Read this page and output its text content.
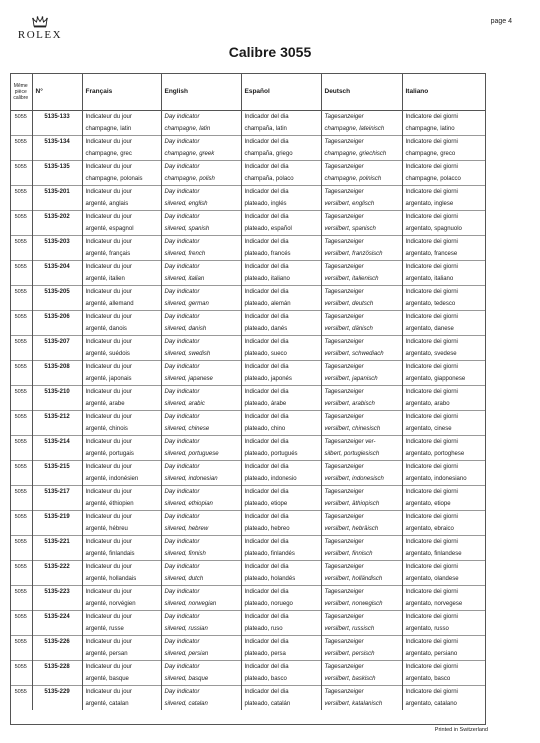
ROLEX
page 4
Calibre 3055
Même pièce calibre	N°	Français	English	Español	Deutsch	Italiano
5055	5135-133	Indicateur du jour	Day indicator	Indicador del dia	Tagesanzeiger	Indicatore dei giorni
		champagne, latin	champagne, latin	champaña, latin	champagne, lateinisch	champagne, latino
5055	5135-134	Indicateur du jour	Day indicator	Indicador del dia	Tagesanzeiger	Indicatore dei giorni
		champagne, grec	champagne, greek	champaña, griego	champagne, griechisch	champagne, greco
5055	5135-135	Indicateur du jour	Day indicator	Indicador del dia	Tagesanzeiger	Indicatore dei giorni
		champagne, polonais	champagne, polish	champaña, polaco	champagne, polnisch	champagne, polacco
5055	5135-201	Indicateur du jour	Day indicator	Indicador del dia	Tagesanzeiger	Indicatore dei giorni
		argenté, anglais	silvered, english	plateado, inglés	versilbert, englisch	argentato, inglese
5055	5135-202	Indicateur du jour	Day indicator	Indicador del dia	Tagesanzeiger	Indicatore dei giorni
		argenté, espagnol	silvered, spanish	plateado, español	versilbert, spanisch	argentato, spagnuolo
5055	5135-203	Indicateur du jour	Day indicator	Indicador del dia	Tagesanzeiger	Indicatore dei giorni
		argenté, français	silvered, french	plateado, francés	versilbert, französisch	argentato, francese
5055	5135-204	Indicateur du jour	Day indicator	Indicador del dia	Tagesanzeiger	Indicatore dei giorni
		argenté, italien	silvered, italian	plateado, italiano	versilbert, italienisch	argentato, italiano
5055	5135-205	Indicateur du jour	Day indicator	Indicador del dia	Tagesanzeiger	Indicatore dei giorni
		argenté, allemand	silvered, german	plateado, alemán	versilbert, deutsch	argentato, tedesco
5055	5135-206	Indicateur du jour	Day indicator	Indicador del dia	Tagesanzeiger	Indicatore dei giorni
		argenté, danois	silvered, danish	plateado, danés	versilbert, dänisch	argentato, danese
5055	5135-207	Indicateur du jour	Day indicator	Indicador del dia	Tagesanzeiger	Indicatore dei giorni
		argenté, suédois	silvered, swedish	plateado, sueco	versilbert, schwediach	argentato, svedese
5055	5135-208	Indicateur du jour	Day indicator	Indicador del dia	Tagesanzeiger	Indicatore dei giorni
		argenté, japonais	silvered, japanese	plateado, japonés	versilbert, japanisch	argentato, giapponese
5055	5135-210	Indicateur du jour	Day indicator	Indicador del dia	Tagesanzeiger	Indicatore dei giorni
		argenté, arabe	silvered, arabic	plateado, árabe	versilbert, arabisch	argentato, arabo
5055	5135-212	Indicateur du jour	Day indicator	Indicador del dia	Tagesanzeiger	Indicatore dei giorni
		argenté, chinois	silvered, chinese	plateado, chino	versilbert, chinesisch	argentato, cinese
5055	5135-214	Indicateur du jour	Day indicator	Indicador del dia	Tagesanzeiger ver-	Indicatore dei giorni
		argenté, portugais	silvered, portuguese	plateado, portugués	silbert, portugiesisch	argentato, portoghese
5055	5135-215	Indicateur du jour	Day indicator	Indicador del dia	Tagesanzeiger	Indicatore dei giorni
		argenté, indonésien	silvered, indonesian	plateado, indonesio	versilbert, indonesisch	argentato, indonesiano
5055	5135-217	Indicateur du jour	Day indicator	Indicador del dia	Tagesanzeiger	Indicatore dei giorni
		argenté, éthiopien	silvered, ethiopian	plateado, etiope	versilbert, äthiopisch	argentato, etiope
5055	5135-219	Indicateur du jour	Day indicator	Indicador del dia	Tagesanzeiger	Indicatore dei giorni
		argenté, hébreu	silvered, hebrew	plateado, hebreo	versilbert, hebräisch	argentato, ebraico
5055	5135-221	Indicateur du jour	Day indicator	Indicador del dia	Tagesanzeiger	Indicatore dei giorni
		argenté, finlandais	silvered, finnish	plateado, finlandés	versilbert, finnisch	argentato, finlandese
5055	5135-222	Indicateur du jour	Day indicator	Indicador del dia	Tagesanzeiger	Indicatore dei giorni
		argenté, hollandais	silvered, dutch	plateado, holandés	versilbert, holländisch	argentato, olandese
5055	5135-223	Indicateur du jour	Day indicator	Indicador del dia	Tagesanzeiger	Indicatore dei giorni
		argenté, norvégien	silvered, norwegian	plateado, noruego	versilbert, norwegisch	argentato, norvegese
5055	5135-224	Indicateur du jour	Day indicator	Indicador del dia	Tagesanzeiger	Indicatore dei giorni
		argenté, russe	silvered, russian	plateado, ruso	versilbert, russisch	argentato, russo
5055	5135-226	Indicateur du jour	Day indicator	Indicador del dia	Tagesanzeiger	Indicatore dei giorni
		argenté, persan	silvered, persian	plateado, persa	versilbert, persisch	argentato, persiano
5055	5135-228	Indicateur du jour	Day indicator	Indicador del dia	Tagesanzeiger	Indicatore dei giorni
		argenté, basque	silvered, basque	plateado, basco	versilbert, baskisch	argentato, basco
5055	5135-229	Indicateur du jour	Day indicator	Indicador del dia	Tagesanzeiger	Indicatore dei giorni
		argenté, catalan	silvered, catalan	plateado, catalán	versilbert, katalanisch	argentato, catalano
Printed in Switzerland
